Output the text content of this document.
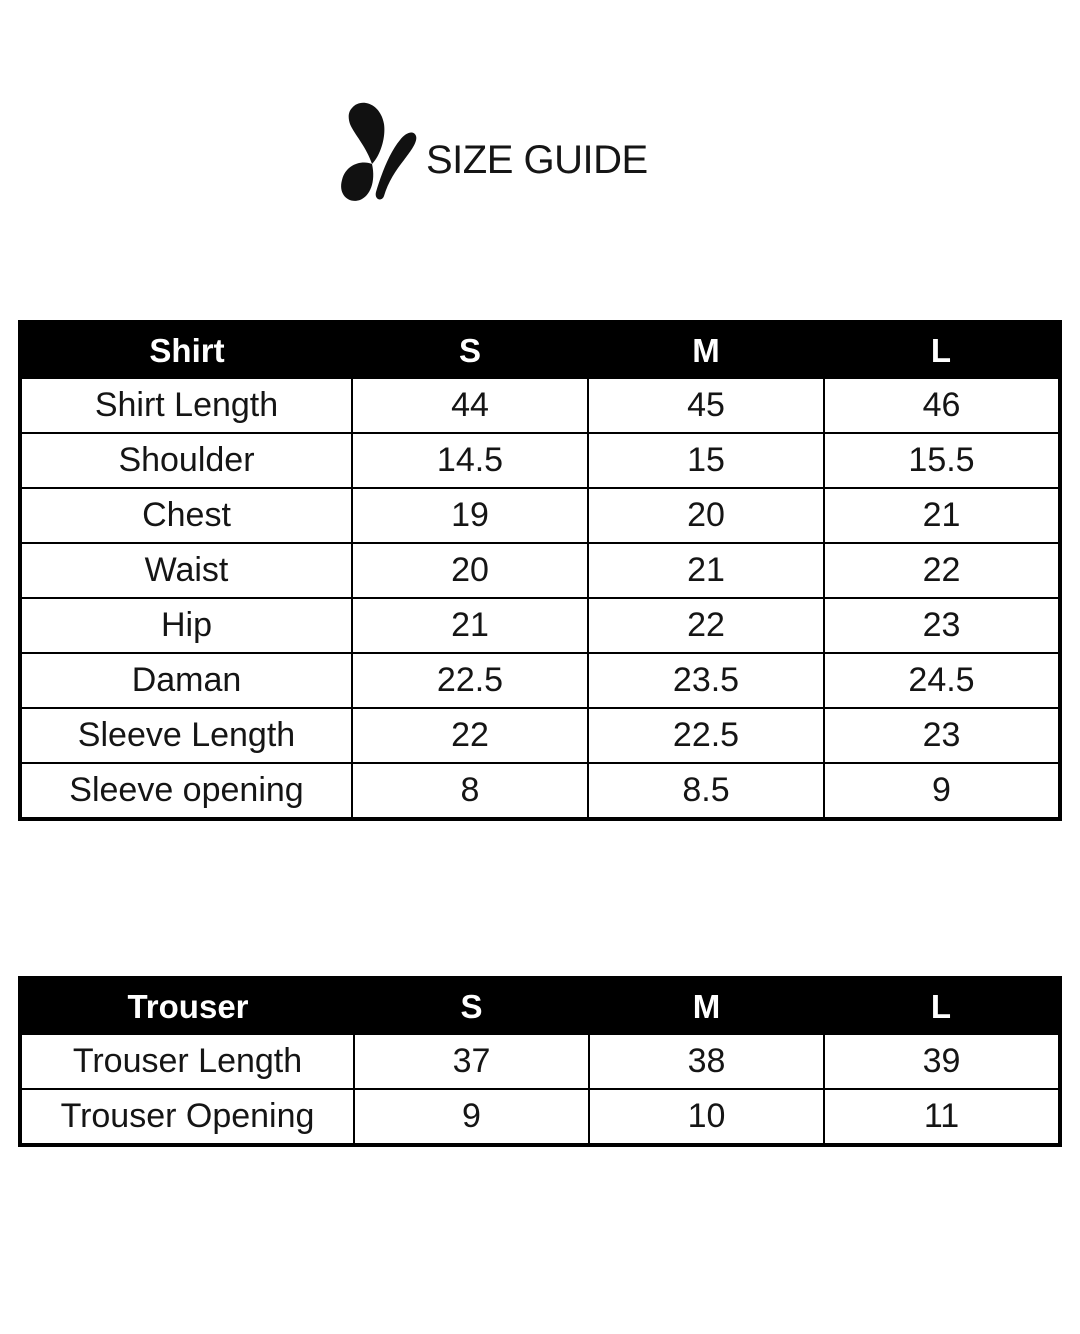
SIZE GUIDE
Shirt	S	M	L
Shirt Length	44	45	46
Shoulder	14.5	15	15.5
Chest	19	20	21
Waist	20	21	22
Hip	21	22	23
Daman	22.5	23.5	24.5
Sleeve Length	22	22.5	23
Sleeve opening	8	8.5	9
Trouser	S	M	L
Trouser Length	37	38	39
Trouser Opening	9	10	11
